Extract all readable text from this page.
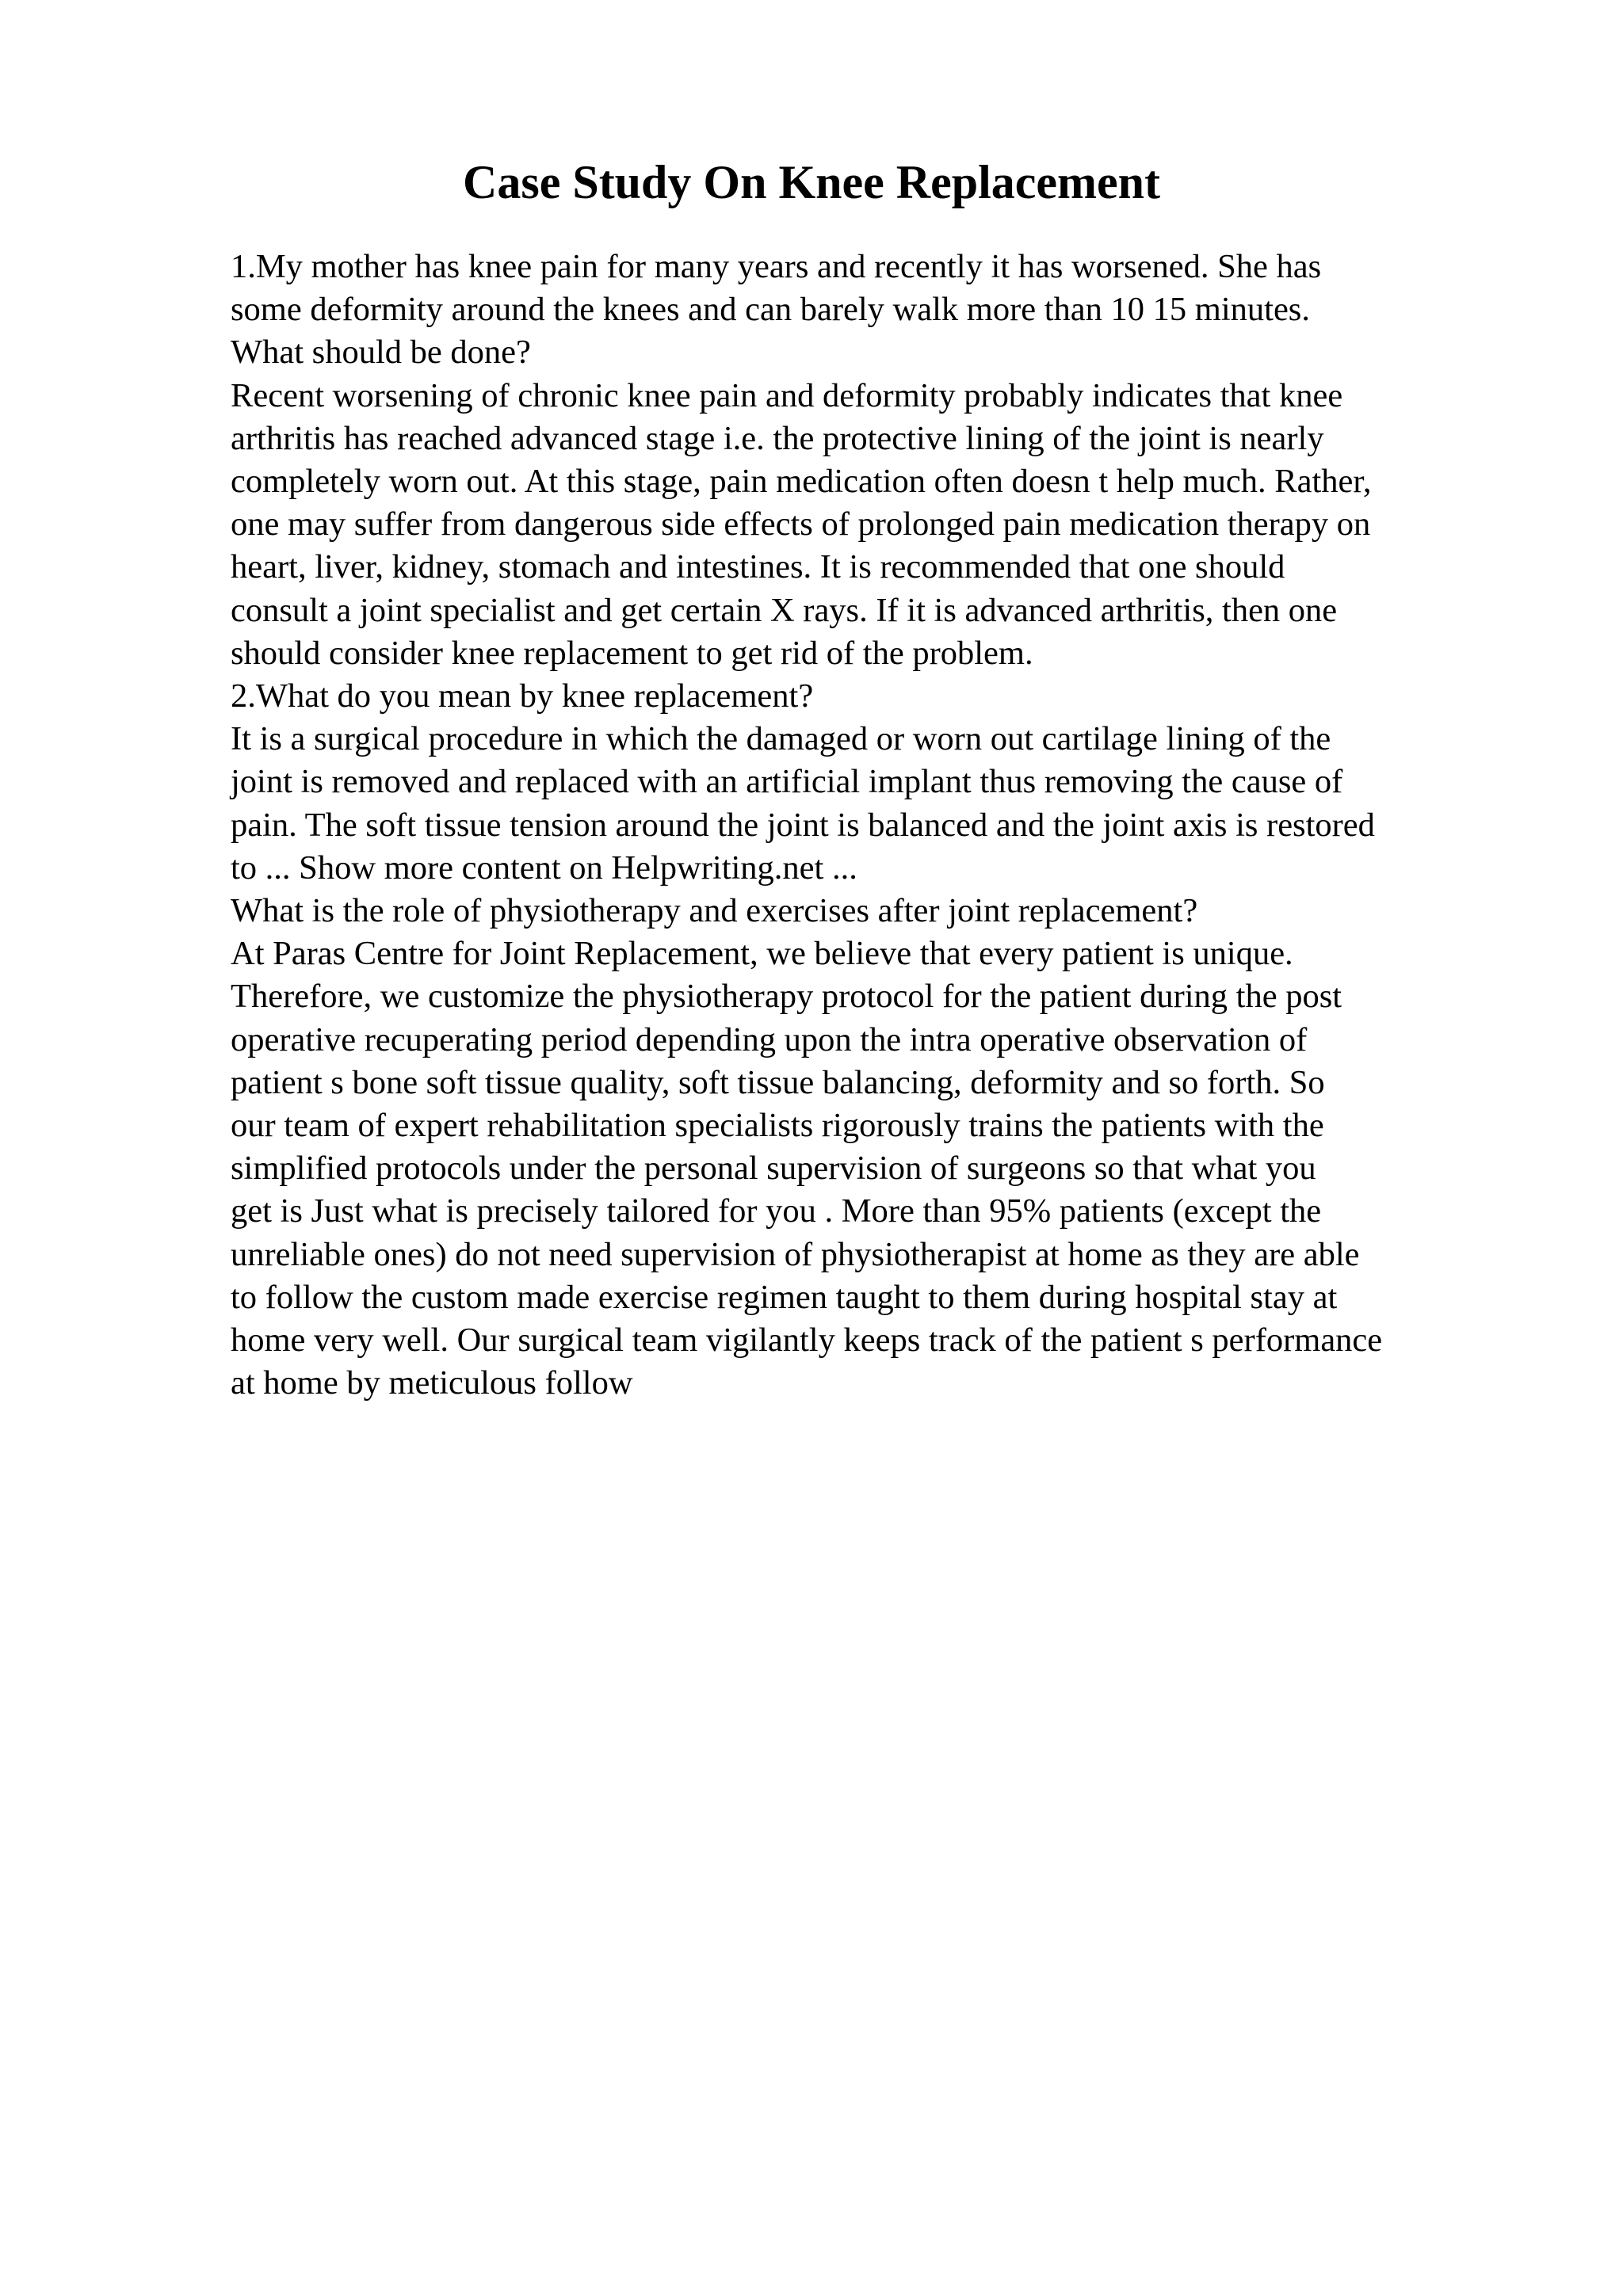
Case Study On Knee Replacement
1.My mother has knee pain for many years and recently it has worsened. She has
some deformity around the knees and can barely walk more than 10 15 minutes.
What should be done?
Recent worsening of chronic knee pain and deformity probably indicates that knee
arthritis has reached advanced stage i.e. the protective lining of the joint is nearly
completely worn out. At this stage, pain medication often doesn t help much. Rather,
one may suffer from dangerous side effects of prolonged pain medication therapy on
heart, liver, kidney, stomach and intestines. It is recommended that one should
consult a joint specialist and get certain X rays. If it is advanced arthritis, then one
should consider knee replacement to get rid of the problem.
2.What do you mean by knee replacement?
It is a surgical procedure in which the damaged or worn out cartilage lining of the
joint is removed and replaced with an artificial implant thus removing the cause of
pain. The soft tissue tension around the joint is balanced and the joint axis is restored
to ... Show more content on Helpwriting.net ...
What is the role of physiotherapy and exercises after joint replacement?
At Paras Centre for Joint Replacement, we believe that every patient is unique.
Therefore, we customize the physiotherapy protocol for the patient during the post
operative recuperating period depending upon the intra operative observation of
patient s bone soft tissue quality, soft tissue balancing, deformity and so forth. So
our team of expert rehabilitation specialists rigorously trains the patients with the
simplified protocols under the personal supervision of surgeons so that what you
get is Just what is precisely tailored for you . More than 95% patients (except the
unreliable ones) do not need supervision of physiotherapist at home as they are able
to follow the custom made exercise regimen taught to them during hospital stay at
home very well. Our surgical team vigilantly keeps track of the patient s performance
at home by meticulous follow
